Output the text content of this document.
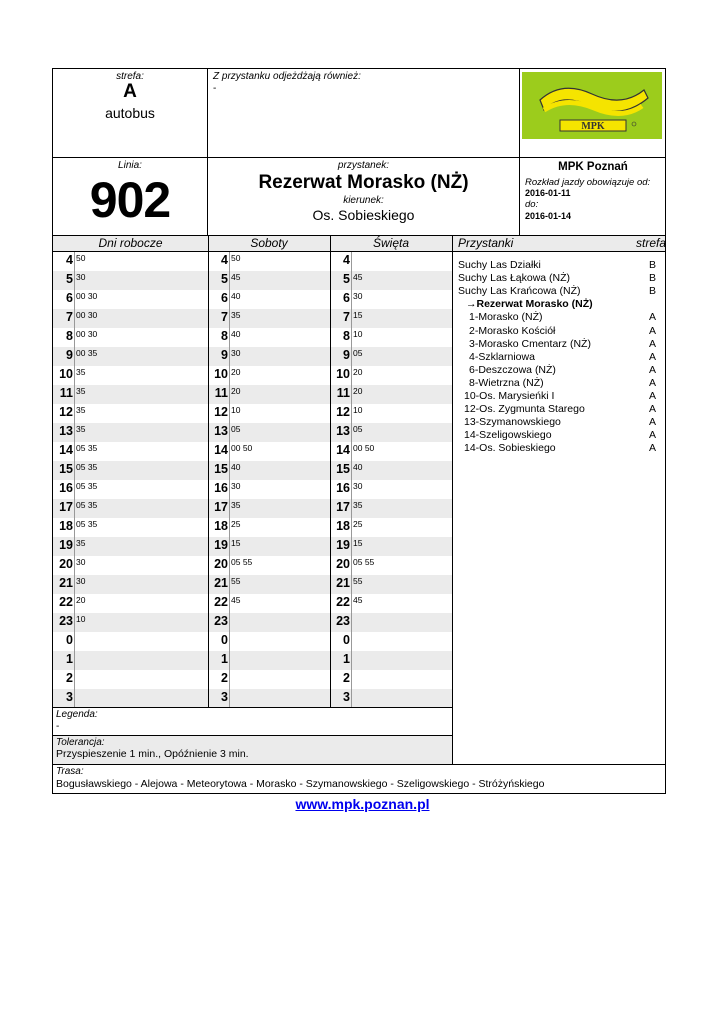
strefa:
A
autobus
Z przystanku odjeżdżają również:
-
MPK
Linia:
902
przystanek:
Rezerwat Morasko (NŻ)
kierunek:
Os. Sobieskiego
MPK Poznań
Rozkład jazdy obowiązuje od:
2016-01-11
do:
2016-01-14
Dni robocze	Soboty	Święta	Przystanki	strefa
4 50	4 50	4
5 30	5 45	5 45
6 00 30	6 40	6 30
7 00 30	7 35	7 15
8 00 30	8 40	8 10
9 00 35	9 30	9 05
10 35	10 20	10 20
11 35	11 20	11 20
12 35	12 10	12 10
13 35	13 05	13 05
14 05 35	14 00 50	14 00 50
15 05 35	15 40	15 40
16 05 35	16 30	16 30
17 05 35	17 35	17 35
18 05 35	18 25	18 25
19 35	19 15	19 15
20 30	20 05 55	20 05 55
21 30	21 55	21 55
22 20	22 45	22 45
23 10	23	23
0	0	0
1	1	1
2	2	2
3	3	3
Suchy Las Działki	B
Suchy Las Łąkowa (NŻ)	B
Suchy Las Krańcowa (NŻ)	B
→Rezerwat Morasko (NŻ)
1-Morasko (NŻ)	A
2-Morasko Kościół	A
3-Morasko Cmentarz (NŻ)	A
4-Szklarniowa	A
6-Deszczowa (NŻ)	A
8-Wietrzna (NŻ)	A
10-Os. Marysieńki I	A
12-Os. Zygmunta Starego	A
13-Szymanowskiego	A
14-Szeligowskiego	A
14-Os. Sobieskiego	A
Legenda:
-
Tolerancja:
Przyspieszenie 1 min., Opóźnienie 3 min.
Trasa:
Bogusławskiego - Alejowa - Meteorytowa - Morasko - Szymanowskiego - Szeligowskiego - Stróżyńskiego
www.mpk.poznan.pl
